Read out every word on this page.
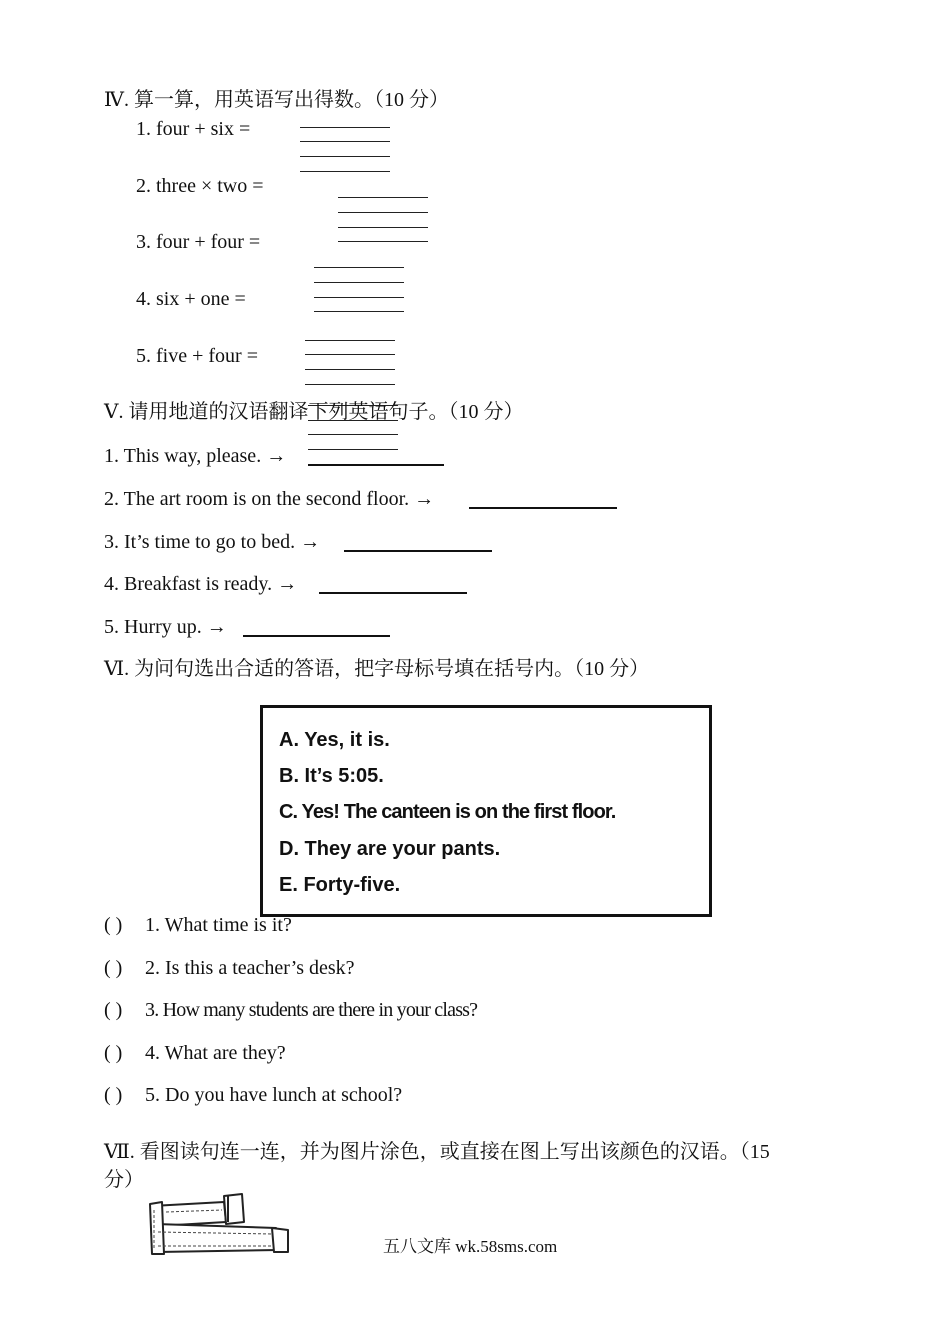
Ⅳ. 算一算，用英语写出得数。（10 分）
1. four + six =
2. three × two =
3. four + four =
4. six + one =
5. five + four =
Ⅴ. 请用地道的汉语翻译下列英语句子。（10 分）
1. This way, please. →
2. The art room is on the second floor. →
3. It’s time to go to bed. →
4. Breakfast is ready. →
5. Hurry up. →
Ⅵ. 为问句选出合适的答语，把字母标号填在括号内。（10 分）
A. Yes, it is.
B. It’s 5:05.
C. Yes! The canteen is on the first floor.
D. They are your pants.
E. Forty-five.
( ) 1. What time is it?
( ) 2. Is this a teacher’s desk?
( ) 3. How many students are there in your class?
( ) 4. What are they?
( ) 5. Do you have lunch at school?
Ⅶ. 看图读句连一连，并为图片涂色，或直接在图上写出该颜色的汉语。（15
分）
五八文库 wk.58sms.com
